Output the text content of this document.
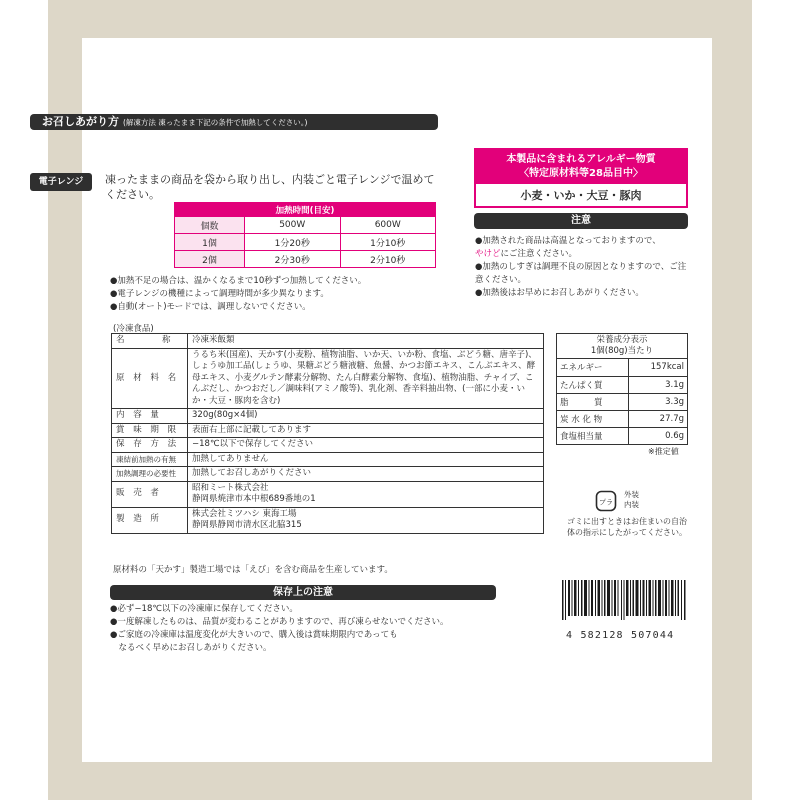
お召しあがり方 (解凍方法 凍ったまま下記の条件で加熱してください。)
電子レンジ	凍ったままの商品を袋から取り出し、内装ごと電子レンジで温めてください。
加熱時間(目安)		
個数	500W	600W
1個	1分20秒	1分10秒
2個	2分30秒	2分10秒
●加熱不足の場合は、温かくなるまで10秒ずつ加熱してください。
●電子レンジの機種によって調理時間が多少異なります。
●自動(オート)モードでは、調理しないでください。
(冷凍食品)
名　　　称	冷凍米飯類
原 材 料 名	うるち米(国産)、天かす(小麦粉、植物油脂、いか天、いか粉、食塩、ぶどう糖、唐辛子)、しょうゆ加工品(しょうゆ、果糖ぶどう糖液糖、魚醤、かつお節エキス、こんぶエキス、酵母エキス、小麦グルテン酵素分解物、たん白酵素分解物、食塩)、植物油脂、チャイブ、こんぶだし、かつおだし／調味料(アミノ酸等)、乳化剤、香辛料抽出物、(一部に小麦・いか・大豆・豚肉を含む)
内 容 量	320g(80g×4個)
賞 味 期 限	表面右上部に記載してあります
保 存 方 法	−18℃以下で保存してください
凍結前加熱の有無	加熱してありません
加熱調理の必要性	加熱してお召しあがりください
販 売 者	昭和ミート株式会社
静岡県焼津市本中根689番地の1
製 造 所	株式会社ミツハシ 東海工場
静岡県静岡市清水区北脇315
原材料の「天かす」製造工場では「えび」を含む商品を生産しています。
保存上の注意
●必ず−18℃以下の冷凍庫に保存してください。
●一度解凍したものは、品質が変わることがありますので、再び凍らせないでください。
●ご家庭の冷凍庫は温度変化が大きいので、購入後は賞味期限内であっても
　なるべく早めにお召しあがりください。
本製品に含まれるアレルギー物質
〈特定原材料等28品目中〉
小麦・いか・大豆・豚肉
注意
●加熱された商品は高温となっておりますので、
やけどにご注意ください。
●加熱のしすぎは調理不良の原因となりますので、ご注意ください。
●加熱後はお早めにお召しあがりください。
栄養成分表示
1個(80g)当たり
エネルギー	157kcal
たんぱく質	3.1g
脂　　　質	3.3g
炭 水 化 物	27.7g
食塩相当量	0.6g
※推定値
プラ
外装
内装
ゴミに出すときはお住まいの自治体の指示にしたがってください。
4 582128 507044
